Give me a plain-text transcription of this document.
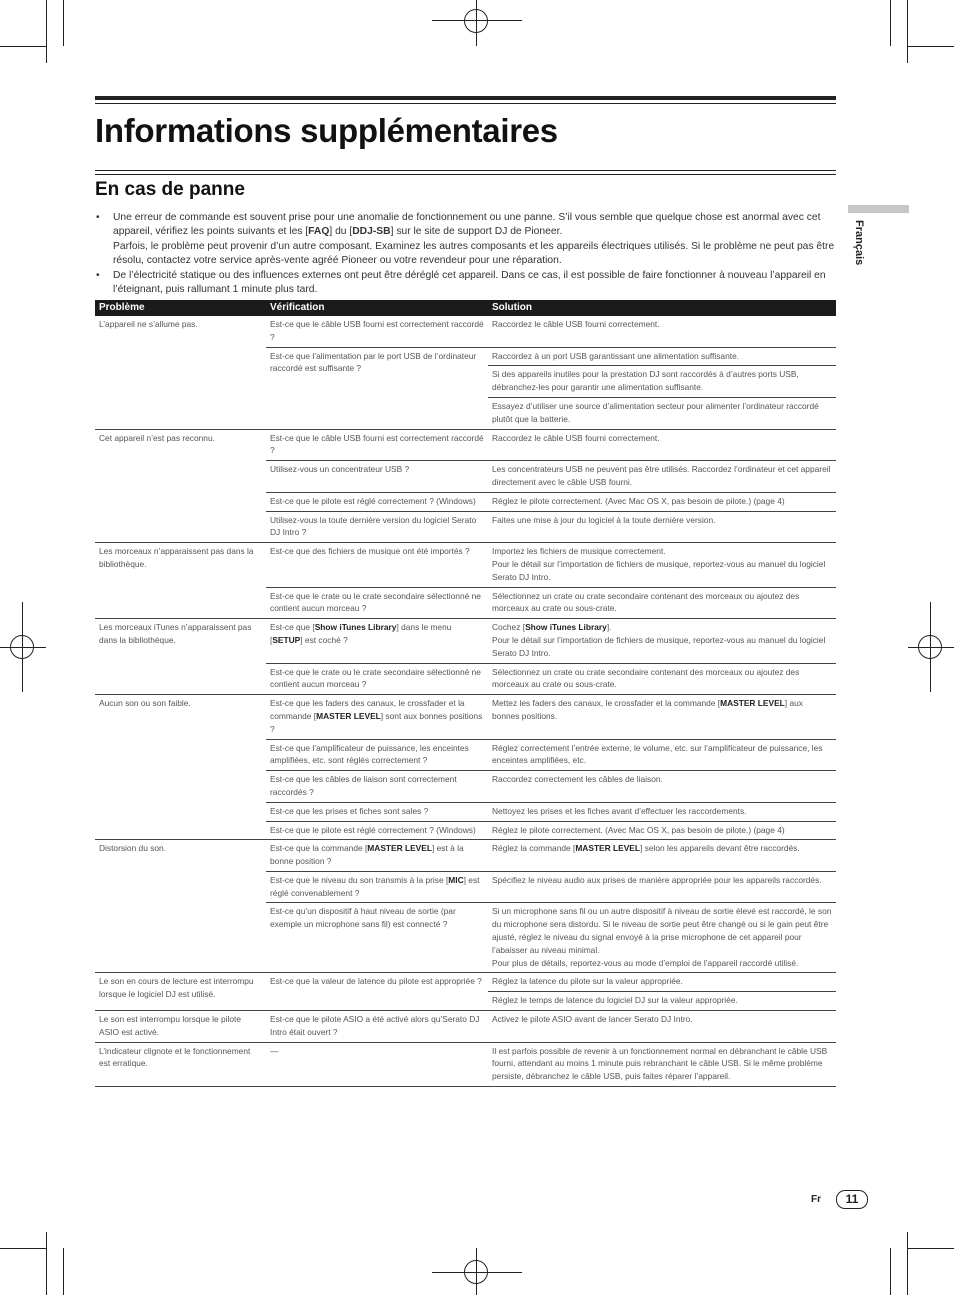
Informations supplémentaires
En cas de panne
• Une erreur de commande est souvent prise pour une anomalie de fonctionnement ou une panne. S’il vous semble que quelque chose est anormal avec cet appareil, vérifiez les points suivants et les [FAQ] du [DDJ-SB] sur le site de support DJ de Pioneer.
Parfois, le problème peut provenir d’un autre composant. Examinez les autres composants et les appareils électriques utilisés. Si le problème ne peut pas être résolu, contactez votre service après-vente agréé Pioneer ou votre revendeur pour une réparation.
• De l’électricité statique ou des influences externes ont peut être déréglé cet appareil. Dans ce cas, il est possible de faire fonctionner à nouveau l’appareil en l’éteignant, puis rallumant 1 minute plus tard.
Français
Problème	Vérification	Solution
L’appareil ne s’allume pas.	Est-ce que le câble USB fourni est correctement raccordé ?	Raccordez le câble USB fourni correctement.
	Est-ce que l’alimentation par le port USB de l’ordinateur raccordé est suffisante ?	Raccordez à un port USB garantissant une alimentation suffisante.
		Si des appareils inutiles pour la prestation DJ sont raccordés à d’autres ports USB, débranchez-les pour garantir une alimentation suffisante.
		Essayez d’utiliser une source d’alimentation secteur pour alimenter l’ordinateur raccordé plutôt que la batterie.
Cet appareil n’est pas reconnu.	Est-ce que le câble USB fourni est correctement raccordé ?	Raccordez le câble USB fourni correctement.
	Utilisez-vous un concentrateur USB ?	Les concentrateurs USB ne peuvent pas être utilisés. Raccordez l’ordinateur et cet appareil directement avec le câble USB fourni.
	Est-ce que le pilote est réglé correctement ? (Windows)	Réglez le pilote correctement. (Avec Mac OS X, pas besoin de pilote.) (page 4)
	Utilisez-vous la toute dernière version du logiciel Serato DJ Intro ?	Faites une mise à jour du logiciel à la toute dernière version.
Les morceaux n’apparaissent pas dans la bibliothèque.	Est-ce que des fichiers de musique ont été importés ?	Importez les fichiers de musique correctement.
Pour le détail sur l’importation de fichiers de musique, reportez-vous au manuel du logiciel Serato DJ Intro.
	Est-ce que le crate ou le crate secondaire sélectionné ne contient aucun morceau ?	Sélectionnez un crate ou crate secondaire contenant des morceaux ou ajoutez des morceaux au crate ou sous-crate.
Les morceaux iTunes n’apparaissent pas dans la bibliothèque.	Est-ce que [Show iTunes Library] dans le menu [SETUP] est coché ?	Cochez [Show iTunes Library].
Pour le détail sur l’importation de fichiers de musique, reportez-vous au manuel du logiciel Serato DJ Intro.
	Est-ce que le crate ou le crate secondaire sélectionné ne contient aucun morceau ?	Sélectionnez un crate ou crate secondaire contenant des morceaux ou ajoutez des morceaux au crate ou sous-crate.
Aucun son ou son faible.	Est-ce que les faders des canaux, le crossfader et la commande [MASTER LEVEL] sont aux bonnes positions ?	Mettez les faders des canaux, le crossfader et la commande [MASTER LEVEL] aux bonnes positions.
	Est-ce que l’amplificateur de puissance, les enceintes amplifiées, etc. sont réglés correctement ?	Réglez correctement l’entrée externe, le volume, etc. sur l’amplificateur de puissance, les enceintes amplifiées, etc.
	Est-ce que les câbles de liaison sont correctement raccordés ?	Raccordez correctement les câbles de liaison.
	Est-ce que les prises et fiches sont sales ?	Nettoyez les prises et les fiches avant d’effectuer les raccordements.
	Est-ce que le pilote est réglé correctement ? (Windows)	Réglez le pilote correctement. (Avec Mac OS X, pas besoin de pilote.) (page 4)
Distorsion du son.	Est-ce que la commande [MASTER LEVEL] est à la bonne position ?	Réglez la commande [MASTER LEVEL] selon les appareils devant être raccordés.
	Est-ce que le niveau du son transmis à la prise [MIC] est réglé convenablement ?	Spécifiez le niveau audio aux prises de manière appropriée pour les appareils raccordés.
	Est-ce qu’un dispositif à haut niveau de sortie (par exemple un microphone sans fil) est connecté ?	Si un microphone sans fil ou un autre dispositif à niveau de sortie élevé est raccordé, le son du microphone sera distordu. Si le niveau de sortie peut être changé ou si le gain peut être ajusté, réglez le niveau du signal envoyé à la prise microphone de cet appareil pour l’abaisser au niveau minimal.
Pour plus de détails, reportez-vous au mode d’emploi de l’appareil raccordé utilisé.
Le son en cours de lecture est interrompu lorsque le logiciel DJ est utilisé.	Est-ce que la valeur de latence du pilote est appropriée ?	Réglez la latence du pilote sur la valeur appropriée.
		Réglez le temps de latence du logiciel DJ sur la valeur appropriée.
Le son est interrompu lorsque le pilote ASIO est activé.	Est-ce que le pilote ASIO a été activé alors qu’Serato DJ Intro était ouvert ?	Activez le pilote ASIO avant de lancer Serato DJ Intro.
L’indicateur clignote et le fonctionnement est erratique.	—	Il est parfois possible de revenir à un fonctionnement normal en débranchant le câble USB fourni, attendant au moins 1 minute puis rebranchant le câble USB. Si le même problème persiste, débranchez le câble USB, puis faites réparer l’appareil.
Fr	11
